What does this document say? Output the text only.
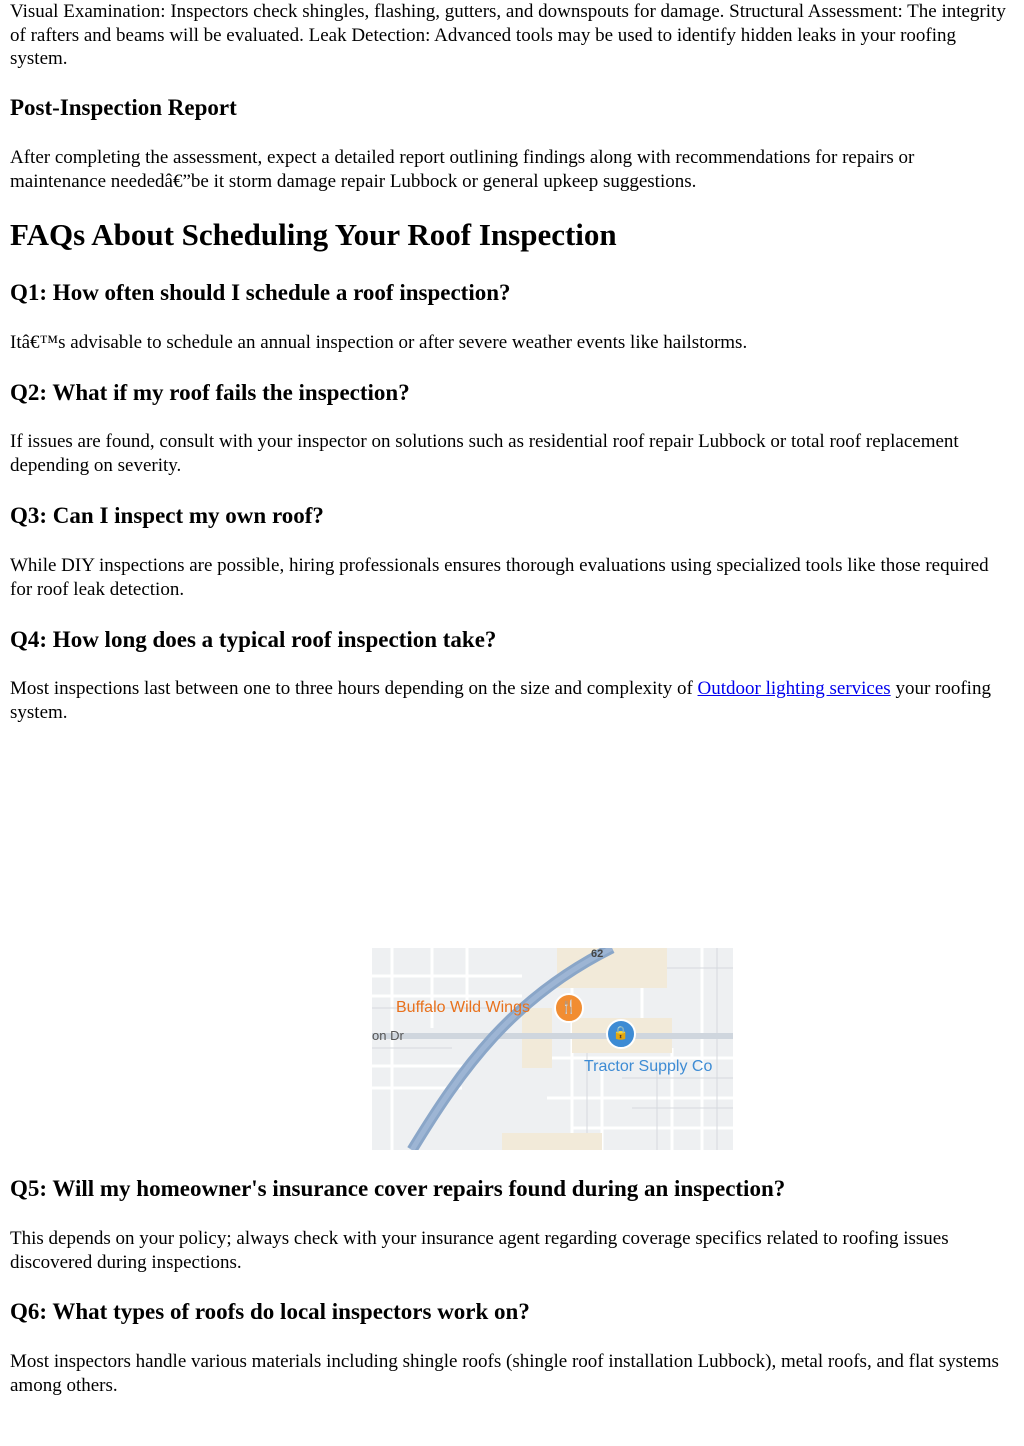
Visual Examination: Inspectors check shingles, flashing, gutters, and downspouts for damage. Structural Assessment: The integrity of rafters and beams will be evaluated. Leak Detection: Advanced tools may be used to identify hidden leaks in your roofing system.

Post-Inspection Report

After completing the assessment, expect a detailed report outlining findings along with recommendations for repairs or maintenance neededâ€”be it storm damage repair Lubbock or general upkeep suggestions.

FAQs About Scheduling Your Roof Inspection
Q1: How often should I schedule a roof inspection?

Itâ€™s advisable to schedule an annual inspection or after severe weather events like hailstorms.

Q2: What if my roof fails the inspection?

If issues are found, consult with your inspector on solutions such as residential roof repair Lubbock or total roof replacement depending on severity.

Q3: Can I inspect my own roof?

While DIY inspections are possible, hiring professionals ensures thorough evaluations using specialized tools like those required for roof leak detection.

Q4: How long does a typical roof inspection take?

Most inspections last between one to three hours depending on the size and complexity of Outdoor lighting services your roofing system.

62
Buffalo Wild Wings	🍴
on Dr	🔒
Tractor Supply Co
Q5: Will my homeowner's insurance cover repairs found during an inspection?

This depends on your policy; always check with your insurance agent regarding coverage specifics related to roofing issues discovered during inspections.

Q6: What types of roofs do local inspectors work on?

Most inspectors handle various materials including shingle roofs (shingle roof installation Lubbock), metal roofs, and flat systems among others.
